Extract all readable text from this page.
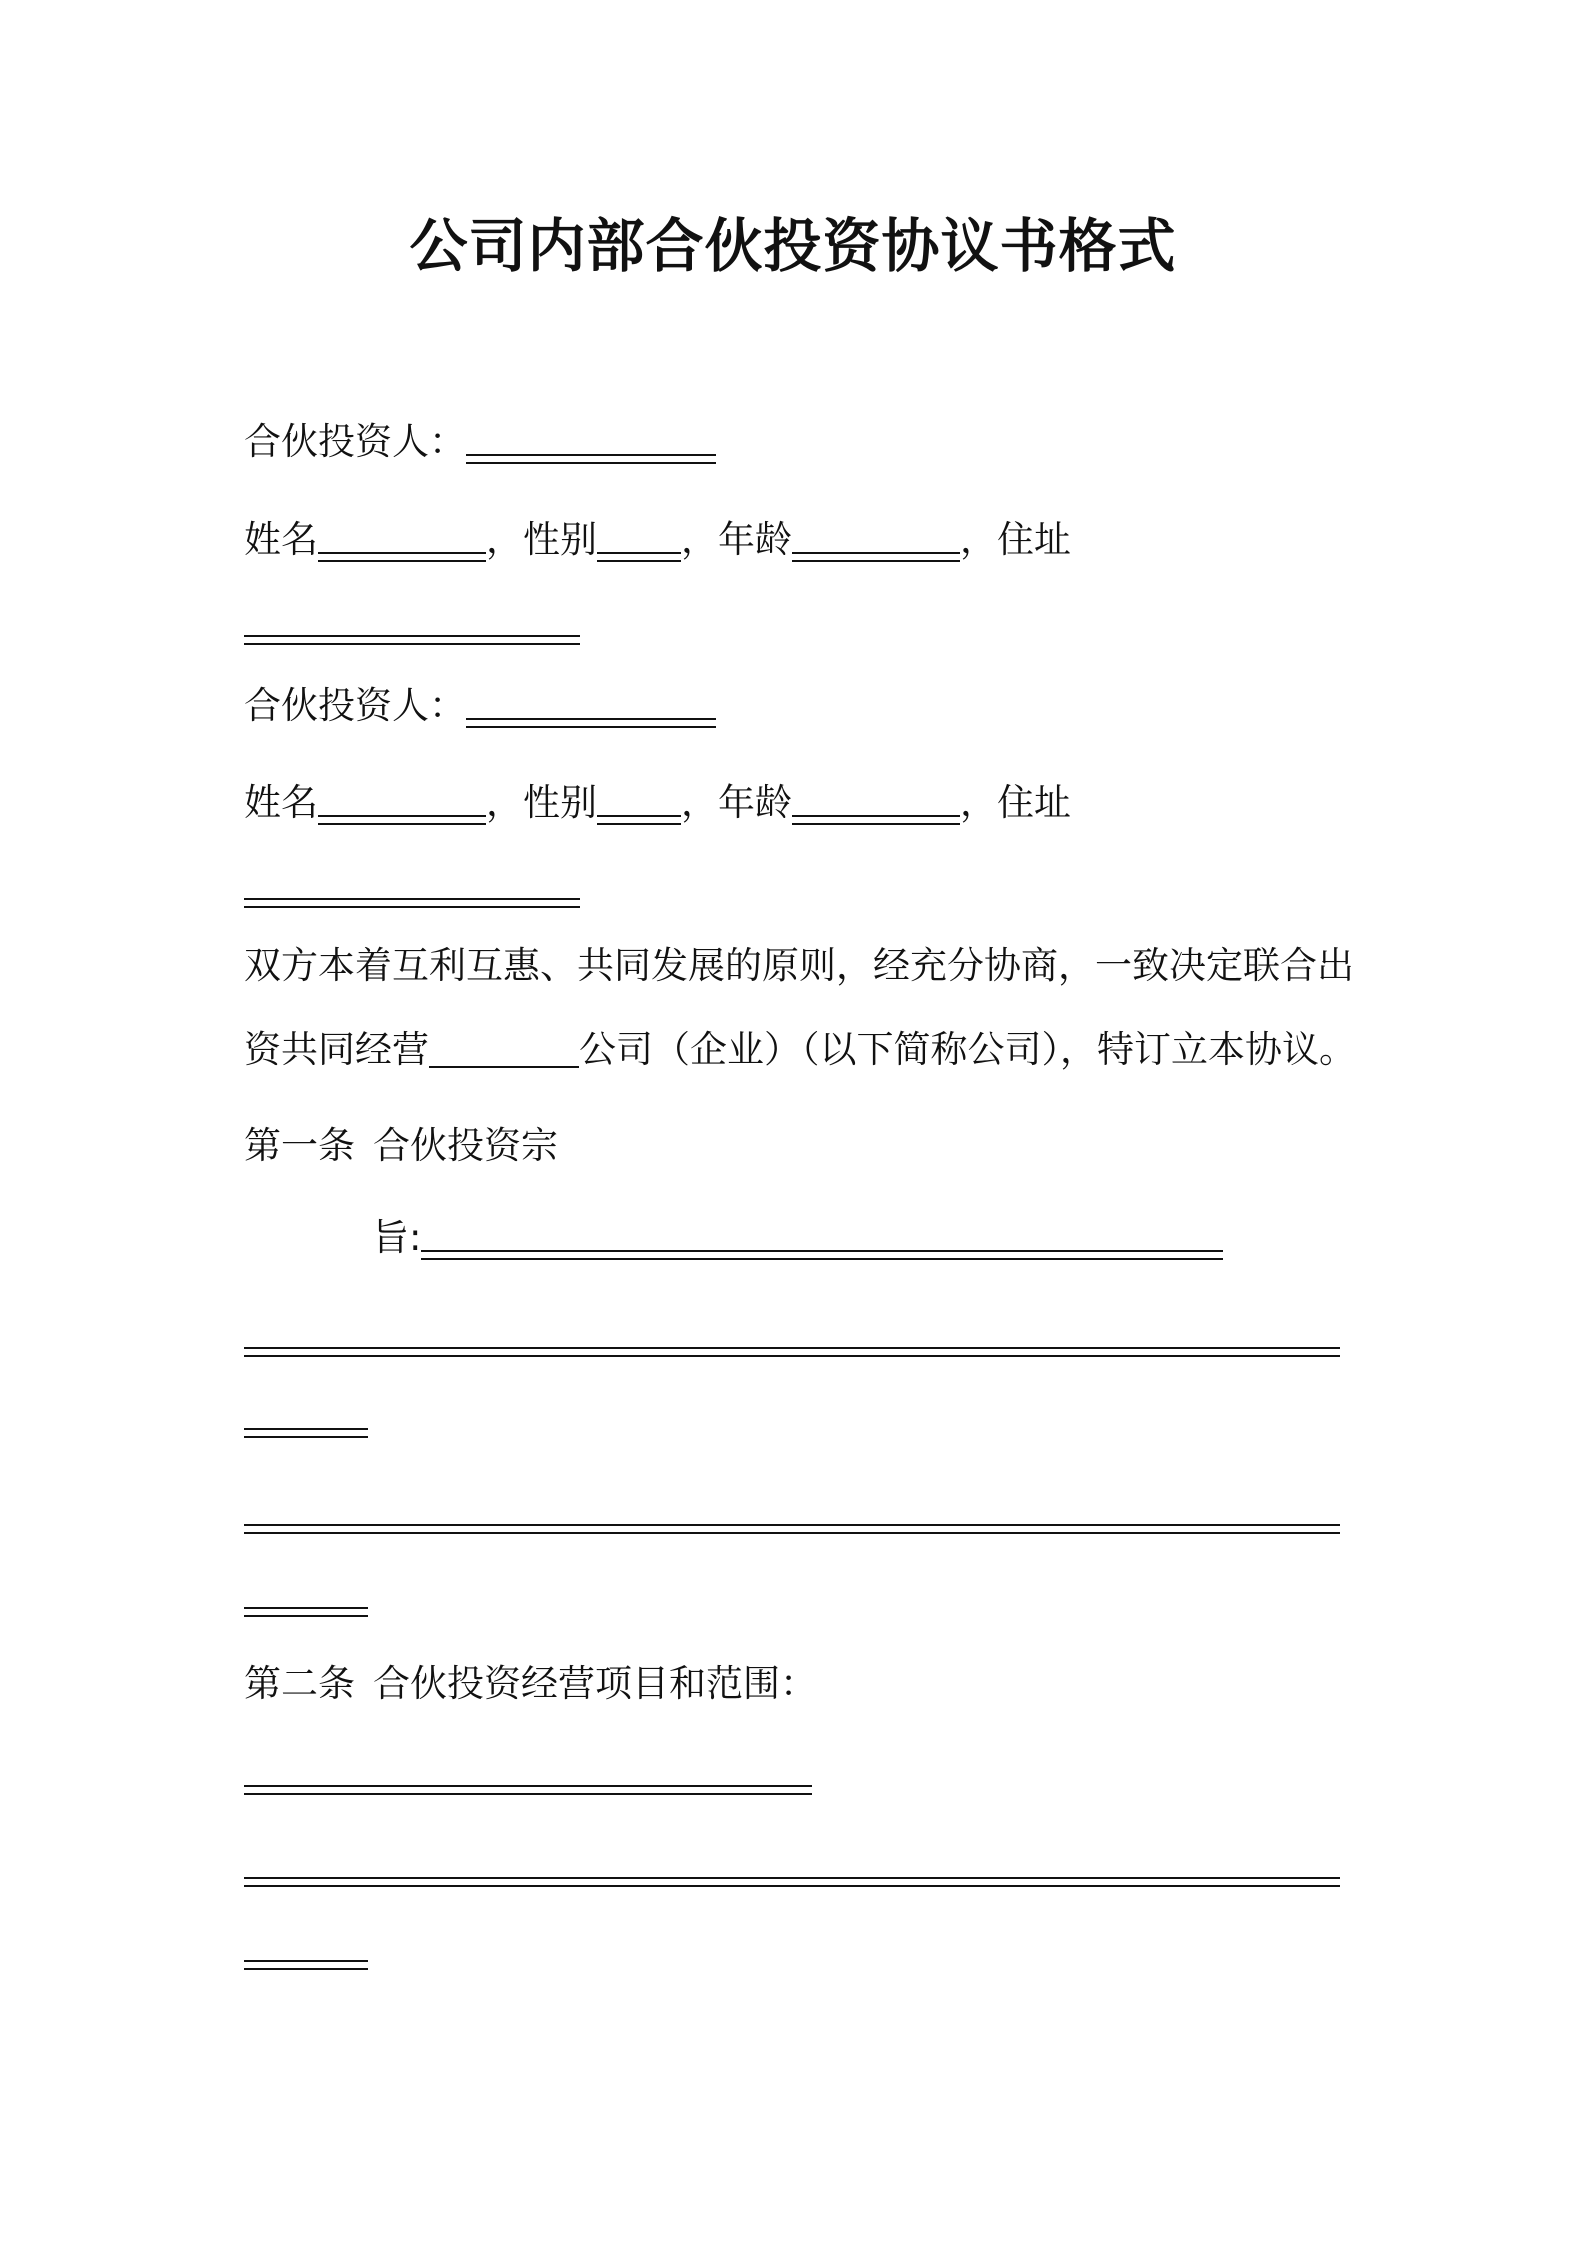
公司内部合伙投资协议书格式
合伙投资人：
姓名	，性别 ，年龄	，住址
合伙投资人：
姓名	，性别 ，年龄	，住址
双方本着互利互惠、共同发展的原则，经充分协商，一致决定联合出
资共同经营	公司（企业）（以下简称公司），特订立本协议。
第一条 合伙投资宗
旨:
第二条 合伙投资经营项目和范围：
